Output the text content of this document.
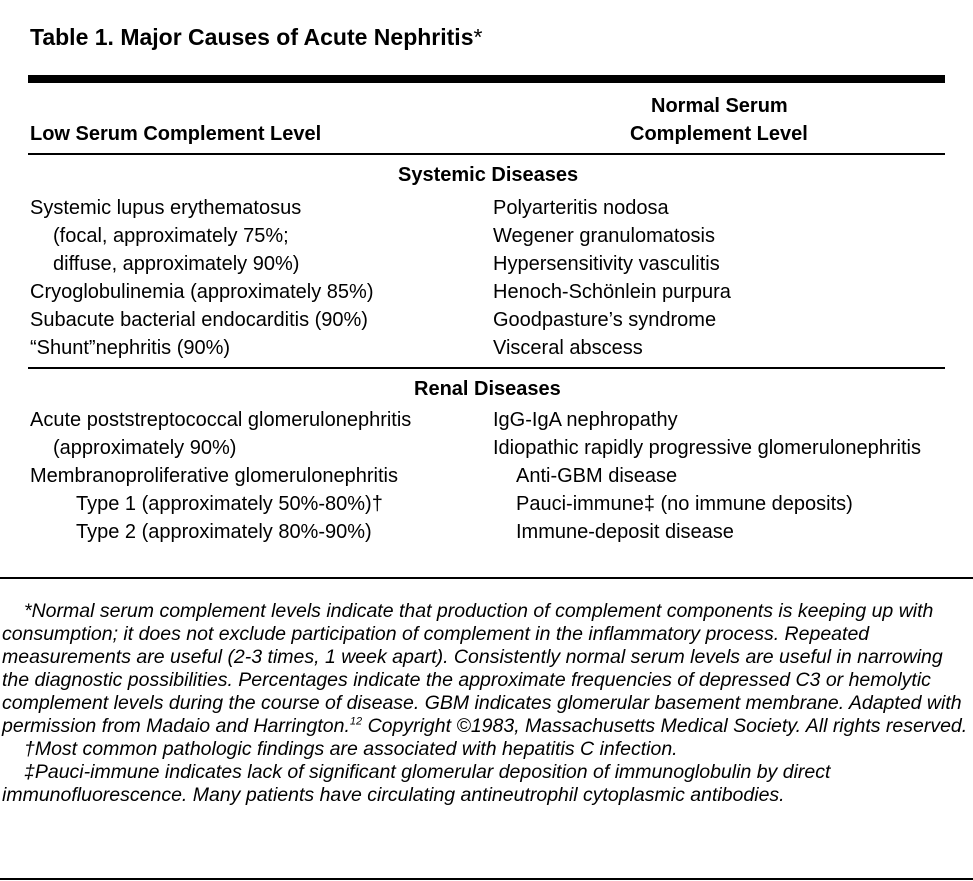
Table 1. Major Causes of Acute Nephritis*
Low Serum Complement Level
Normal Serum
Complement Level
Systemic Diseases
Systemic lupus erythematosus
(focal, approximately 75%;
diffuse, approximately 90%)
Cryoglobulinemia (approximately 85%)
Subacute bacterial endocarditis (90%)
“Shunt”nephritis (90%)
Polyarteritis nodosa
Wegener granulomatosis
Hypersensitivity vasculitis
Henoch-Schönlein purpura
Goodpasture’s syndrome
Visceral abscess
Renal Diseases
Acute poststreptococcal glomerulonephritis
(approximately 90%)
Membranoproliferative glomerulonephritis
Type 1 (approximately 50%-80%)†
Type 2 (approximately 80%-90%)
IgG-IgA nephropathy
Idiopathic rapidly progressive glomerulonephritis
Anti-GBM disease
Pauci-immune‡ (no immune deposits)
Immune-deposit disease

*Normal serum complement levels indicate that production of complement components is keeping up with consumption; it does not exclude participation of complement in the inflammatory process. Repeated measurements are useful (2-3 times, 1 week apart). Consistently normal serum levels are useful in narrowing the diagnostic possibilities. Percentages indicate the approximate frequencies of depressed C3 or hemolytic complement levels during the course of disease. GBM indicates glomerular basement membrane. Adapted with permission from Madaio and Harrington.$^{12}$ Copyright ©1983, Massachusetts Medical Society. All rights reserved.

†Most common pathologic findings are associated with hepatitis C infection.

‡Pauci-immune indicates lack of significant glomerular deposition of immunoglobulin by direct immunofluorescence. Many patients have circulating antineutrophil cytoplasmic antibodies.
